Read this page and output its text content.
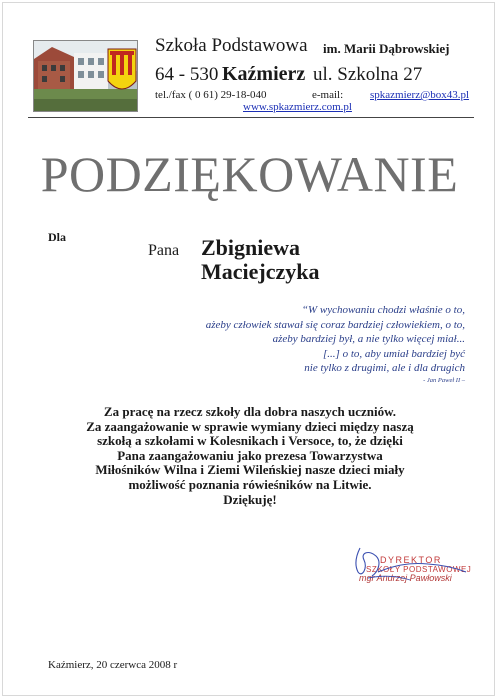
Szkoła Podstawowa im. Marii Dąbrowskiej
64 - 530 Kaźmierz ul. Szkolna 27
tel./fax ( 0 61) 29-18-040	e-mail: spkazmierz@box43.pl
www.spkazmierz.com.pl
PODZIĘKOWANIE
Dla
Pana Zbigniewa
Maciejczyka
“W wychowaniu chodzi właśnie o to,
ażeby człowiek stawał się coraz bardziej człowiekiem, o to,
ażeby bardziej był, a nie tylko więcej miał...
[...] o to, aby umiał bardziej być
nie tylko z drugimi, ale i dla drugich
- Jan Paweł II –
Za pracę na rzecz szkoły dla dobra naszych uczniów.
Za zaangażowanie w sprawie wymiany dzieci między naszą
szkołą a szkołami w Kolesnikach i Versoce, to, że dzięki
Pana zaangażowaniu jako prezesa Towarzystwa
Miłośników Wilna i Ziemi Wileńskiej nasze dzieci miały
możliwość poznania rówieśników na Litwie.
Dziękuję!
DYREKTOR
SZKOŁY PODSTAWOWEJ
mgr Andrzej Pawłowski
Kaźmierz, 20 czerwca 2008 r
